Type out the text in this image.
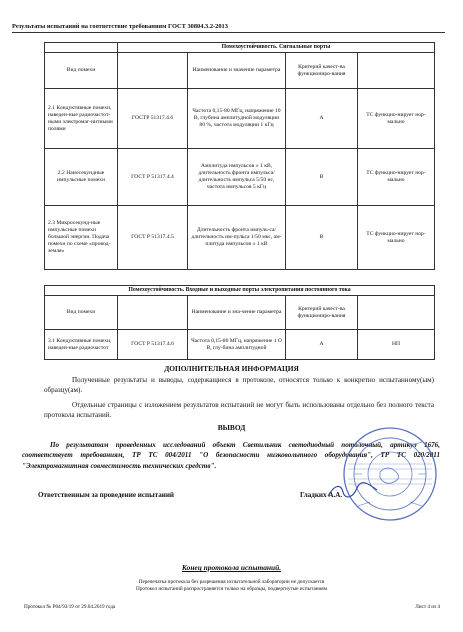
Результаты испытаний на соответствие требованиям ГОСТ 30804.3.2-2013
	Помехоустойчивость. Сигнальные порты			
Вид помехи		Наименование и значение параметра	Критерий качест-ва функциониро-вания	
2.1 Кондуктивные помехи, наведен-ные радиочастот-ными электромаг-нитными полями	ГОСТР 51317.4.6	Частота 0,15-80 МГц, напряжение 10 В, глубина амплитудной модуляции 80 %, частота модуляции 1 кГц	A	ТС функцио-нирует нор-мально
2.2 Наносекундные импульсные помехи	ГОСТ Р 51317.4.4	Амплитуда импульсов ± 1 кВ, длительность фронта импульса/длительность импульса 5/50 нс, частота импульсов 5 кГц	B	ТС функцио-нирует нор-мально
2.3 Микросекунд-ные импульсные помехи большой энергии. Подача помехи по схеме «провод-земля»	ГОСТ Р 51317.4.5	Длительность фронта импуль-са/длительность им-пульса 1/50 мкс, ам-плитуда импульсов ± 1 кВ	B	ТС функцио-нирует нор-мально
Помехоустойчивость. Входные и выходные порты электропитания постоянного тока				
Вид помехи		Наименование и зна-чение параметра	Критерий качест-ва функциониро-вания	
3.1 Кондуктивные помехи, наведен-ные радиочастот	ГОСТ Р 51317.4.6	Частота 0,15-80 МГц, напряжение 1 О В, глу-бина амплитудной	A	НП
ДОПОЛНИТЕЛЬНАЯ ИНФОРМАЦИЯ

Полученные результаты и выводы, содержащиеся в протоколе, относятся только к конкретно испытанному(ым) образцу(ам).

Отдельные страницы с изложением результатов испытаний не могут быть использованы отдельно без полного текста протокола испытаний.

ВЫВОД

По результатам проведенных исследований объект Светильник светодиодный потолочный, артикул 1676, соответствует требованиям, ТР ТС 004/2011 "О безопасности низковольтного оборудования", ТР ТС 020/2011 "Электромагнитная совместимость технических средств".

Ответственным за проведение испытаний	Гладких А.А.
Конец протокола испытаний.
Перепечатка протокола без разрешения испытательной лаборатории не допускается
Протокол испытаний распространяется только на образцы, подвергнутые испытаниям
Протокол № Р04/93/19 от 29.04.2019 года	Лист 4 из 4
